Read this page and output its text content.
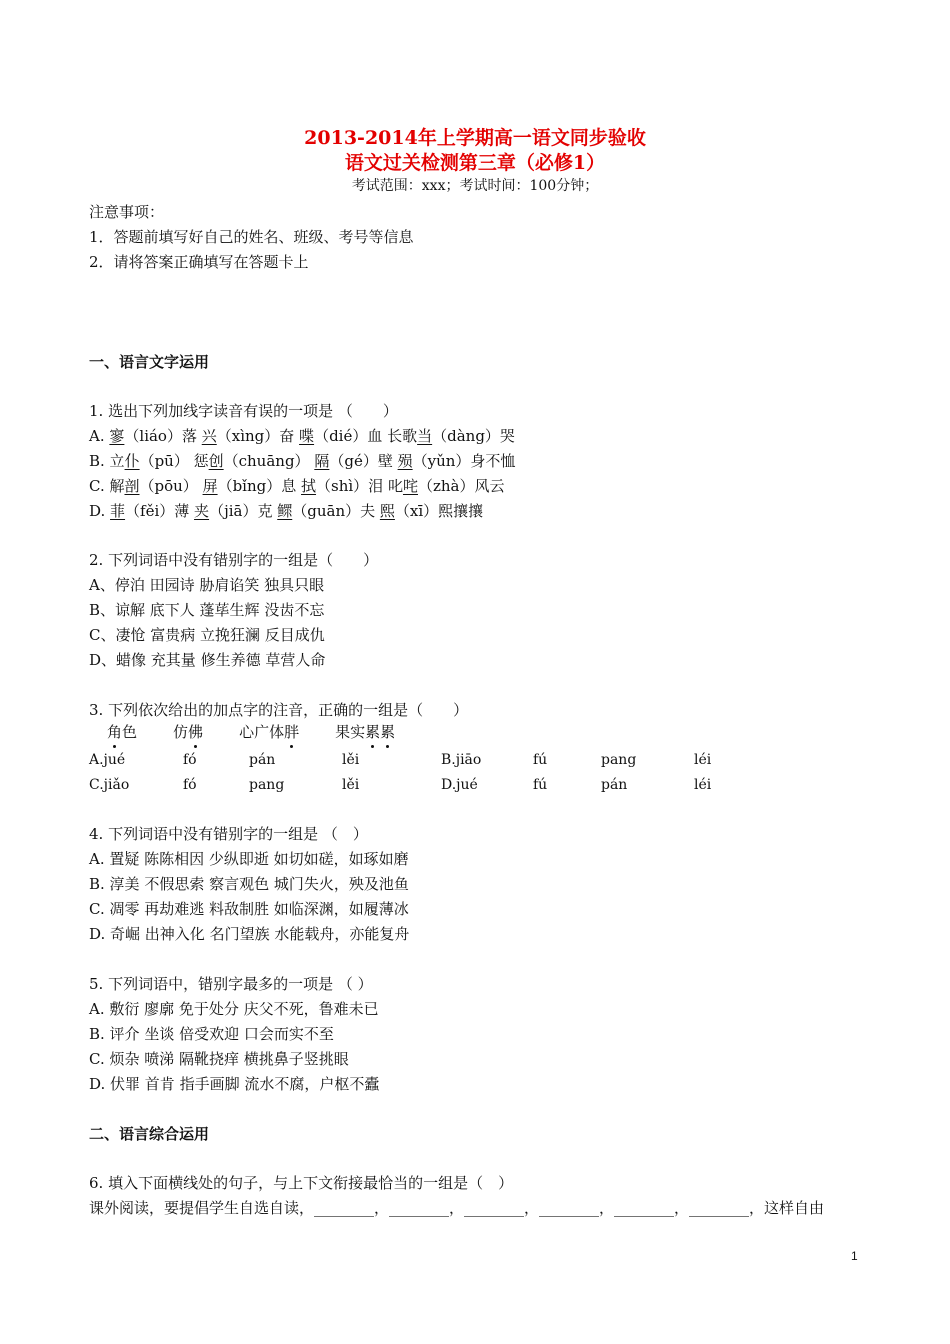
2013-2014年上学期高一语文同步验收
语文过关检测第三章（必修1）
考试范围：xxx；考试时间：100分钟；
注意事项：
1．答题前填写好自己的姓名、班级、考号等信息
2．请将答案正确填写在答题卡上
一、语言文字运用
1. 选出下列加线字读音有误的一项是 （　　）
A. 寥（liáo）落 兴（xìng）奋 喋（dié）血 长歌当（dàng）哭
B. 立仆（pū） 惩创（chuāng） 隔（gé）壁 殒（yǔn）身不恤
C. 解剖（pōu） 屏（bǐng）息 拭（shì）泪 叱咤（zhà）风云
D. 菲（fěi）薄 夹（jiā）克 鳏（guān）夫 熙（xī）熙攘攘
2. 下列词语中没有错别字的一组是（　　）
A、停泊 田园诗 胁肩谄笑 独具只眼
B、谅解 底下人 蓬荜生辉 没齿不忘
C、凄怆 富贵病 立挽狂澜 反目成仇
D、蜡像 充其量 修生养德 草营人命
3. 下列依次给出的加点字的注音，正确的一组是（　　）
角色 仿佛 心广体胖 果实累累
A.jué	fó	pán	lěi	B.jiāo	fú	pang	léi
C.jiǎo	fó	pang	lěi	D.jué	fú	pán	léi
4. 下列词语中没有错别字的一组是 （　）
A. 置疑 陈陈相因 少纵即逝 如切如磋，如琢如磨
B. 淳美 不假思索 察言观色 城门失火，殃及池鱼
C. 凋零 再劫难逃 料敌制胜 如临深渊，如履薄冰
D. 奇崛 出神入化 名门望族 水能载舟，亦能复舟
5. 下列词语中，错别字最多的一项是 （ ）
A. 敷衍 廖廓 免于处分 庆父不死，鲁难未已
B. 评介 坐谈 倍受欢迎 口会而实不至
C. 烦杂 喷涕 隔靴挠痒 横挑鼻子竖挑眼
D. 伏罪 首肯 指手画脚 流水不腐，户枢不蠹
二、语言综合运用
6. 填入下面横线处的句子，与上下文衔接最恰当的一组是（　）
课外阅读，要提倡学生自选自读，________，________，________，________，________，________，这样自由
1
